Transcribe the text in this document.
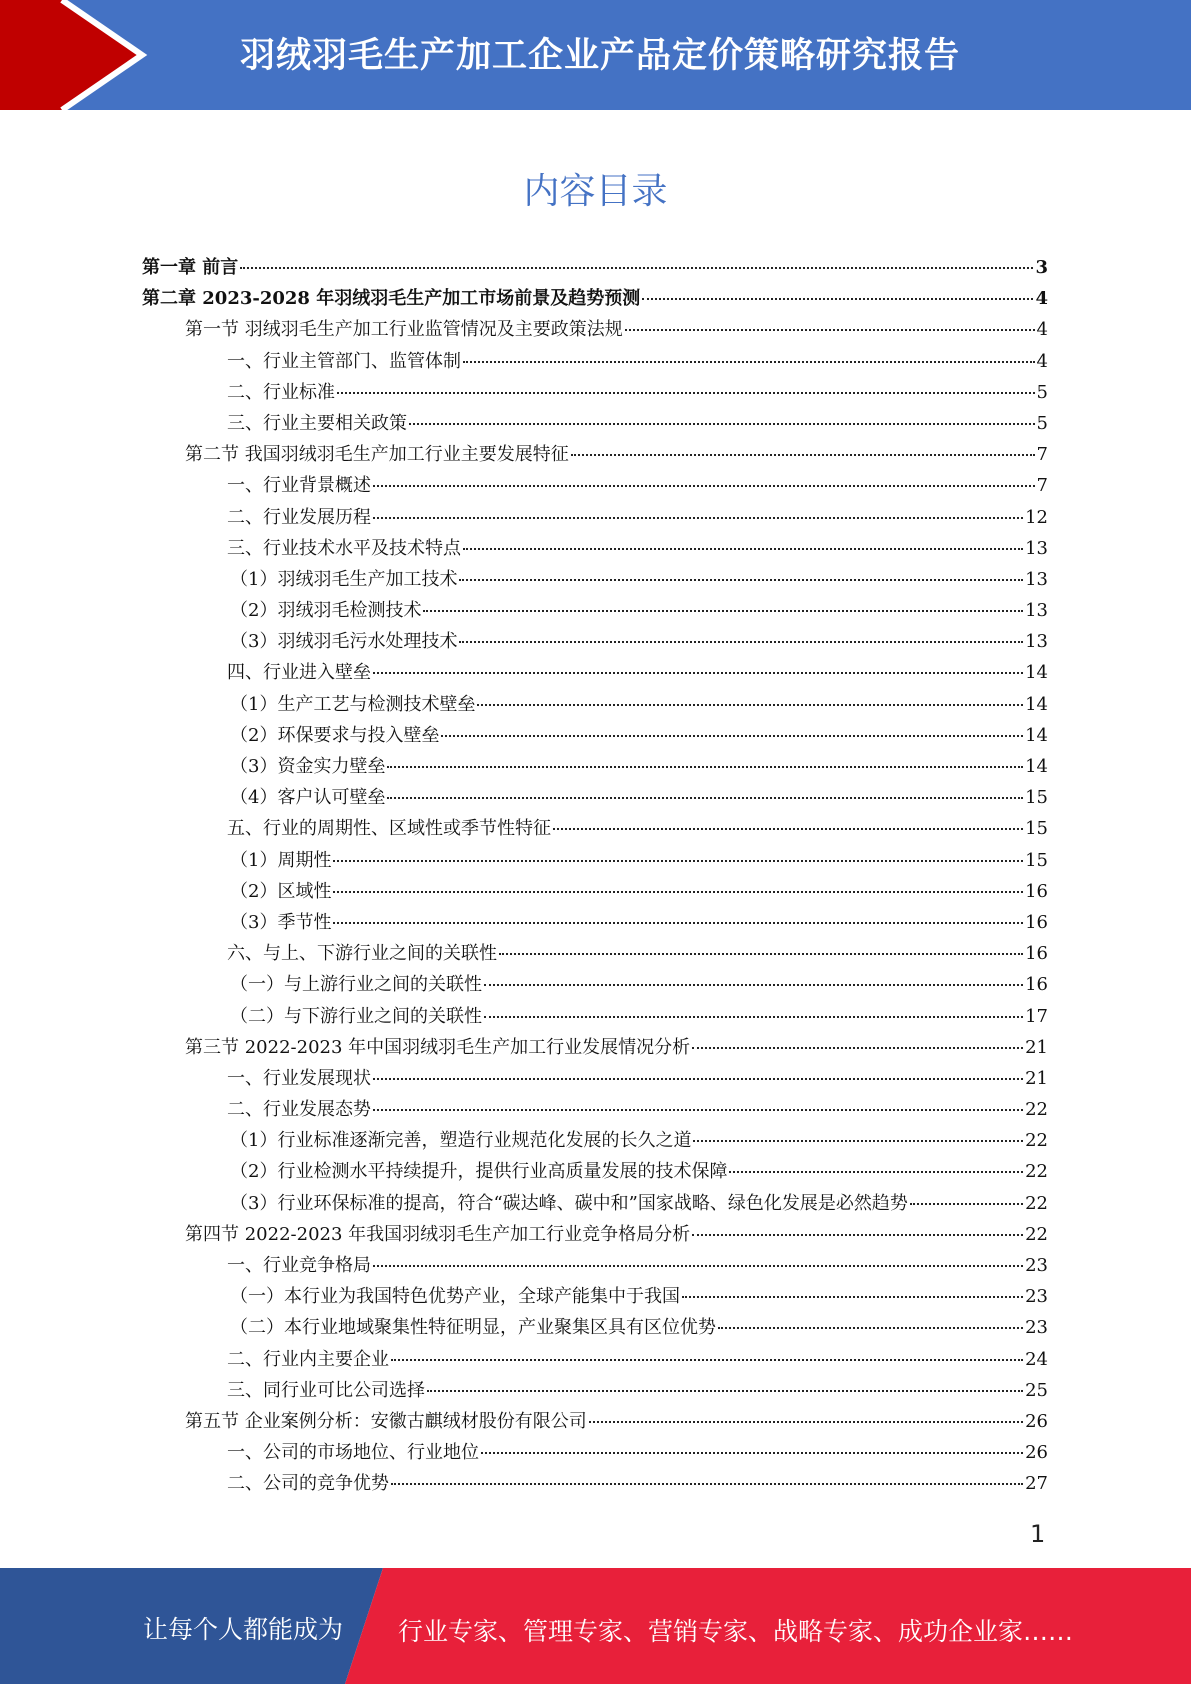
羽绒羽毛生产加工企业产品定价策略研究报告
内容目录
第一章 前言	3
第二章 2023-2028 年羽绒羽毛生产加工市场前景及趋势预测	4
第一节 羽绒羽毛生产加工行业监管情况及主要政策法规	4
一、行业主管部门、监管体制	4
二、行业标准	5
三、行业主要相关政策	5
第二节 我国羽绒羽毛生产加工行业主要发展特征	7
一、行业背景概述	7
二、行业发展历程	12
三、行业技术水平及技术特点	13
（1）羽绒羽毛生产加工技术	13
（2）羽绒羽毛检测技术	13
（3）羽绒羽毛污水处理技术	13
四、行业进入壁垒	14
（1）生产工艺与检测技术壁垒	14
（2）环保要求与投入壁垒	14
（3）资金实力壁垒	14
（4）客户认可壁垒	15
五、行业的周期性、区域性或季节性特征	15
（1）周期性	15
（2）区域性	16
（3）季节性	16
六、与上、下游行业之间的关联性	16
（一）与上游行业之间的关联性	16
（二）与下游行业之间的关联性	17
第三节 2022-2023 年中国羽绒羽毛生产加工行业发展情况分析	21
一、行业发展现状	21
二、行业发展态势	22
（1）行业标准逐渐完善，塑造行业规范化发展的长久之道	22
（2）行业检测水平持续提升，提供行业高质量发展的技术保障	22
（3）行业环保标准的提高，符合“碳达峰、碳中和”国家战略、绿色化发展是必然趋势	22
第四节 2022-2023 年我国羽绒羽毛生产加工行业竞争格局分析	22
一、行业竞争格局	23
（一）本行业为我国特色优势产业，全球产能集中于我国	23
（二）本行业地域聚集性特征明显，产业聚集区具有区位优势	23
二、行业内主要企业	24
三、同行业可比公司选择	25
第五节 企业案例分析：安徽古麒绒材股份有限公司	26
一、公司的市场地位、行业地位	26
二、公司的竞争优势	27
1
让每个人都能成为 行业专家、管理专家、营销专家、战略专家、成功企业家……
